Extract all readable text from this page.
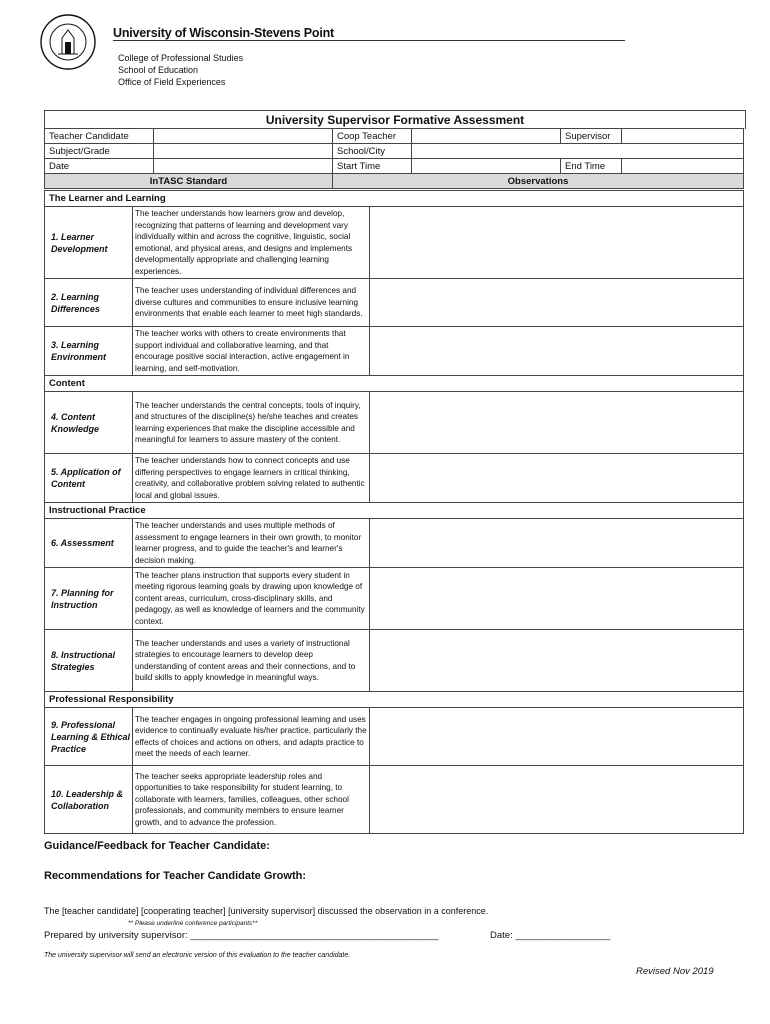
University of Wisconsin-Stevens Point
College of Professional Studies
School of Education
Office of Field Experiences
University Supervisor Formative Assessment
Teacher Candidate		Coop Teacher		Supervisor	
Subject/Grade		School/City			
Date		Start Time		End Time	
InTASC Standard		Observations			
The Learner and Learning		
1. Learner Development	The teacher understands how learners grow and develop, recognizing that patterns of learning and development vary individually within and across the cognitive, linguistic, social emotional, and physical areas, and designs and implements developmentally appropriate and challenging learning experiences.	
2. Learning Differences	The teacher uses understanding of individual differences and diverse cultures and communities to ensure inclusive learning environments that enable each learner to meet high standards.	
3. Learning Environment	The teacher works with others to create environments that support individual and collaborative learning, and that encourage positive social interaction, active engagement in learning, and self-motivation.	
Content		
4. Content Knowledge	The teacher understands the central concepts, tools of inquiry, and structures of the discipline(s) he/she teaches and creates learning experiences that make the discipline accessible and meaningful for learners to assure mastery of the content.	
5. Application of Content	The teacher understands how to connect concepts and use differing perspectives to engage learners in critical thinking, creativity, and collaborative problem solving related to authentic local and global issues.	
Instructional Practice		
6. Assessment	The teacher understands and uses multiple methods of assessment to engage learners in their own growth, to monitor learner progress, and to guide the teacher's and learner's decision making.	
7. Planning for Instruction	The teacher plans instruction that supports every student in meeting rigorous learning goals by drawing upon knowledge of content areas, curriculum, cross-disciplinary skills, and pedagogy, as well as knowledge of learners and the community context.	
8. Instructional Strategies	The teacher understands and uses a variety of instructional strategies to encourage learners to develop deep understanding of content areas and their connections, and to build skills to apply knowledge in meaningful ways.	
Professional Responsibility		
9. Professional Learning & Ethical Practice	The teacher engages in ongoing professional learning and uses evidence to continually evaluate his/her practice, particularly the effects of choices and actions on others, and adapts practice to meet the needs of each learner.	
10. Leadership & Collaboration	The teacher seeks appropriate leadership roles and opportunities to take responsibility for student learning, to collaborate with learners, families, colleagues, other school professionals, and community members to ensure learner growth, and to advance the profession.	
Guidance/Feedback for Teacher Candidate:
Recommendations for Teacher Candidate Growth:
The [teacher candidate] [cooperating teacher] [university supervisor] discussed the observation in a conference.
** Please underline conference participants**
Prepared by university supervisor: _______________________________________________	Date: __________________
The university supervisor will send an electronic version of this evaluation to the teacher candidate.
Revised Nov 2019
